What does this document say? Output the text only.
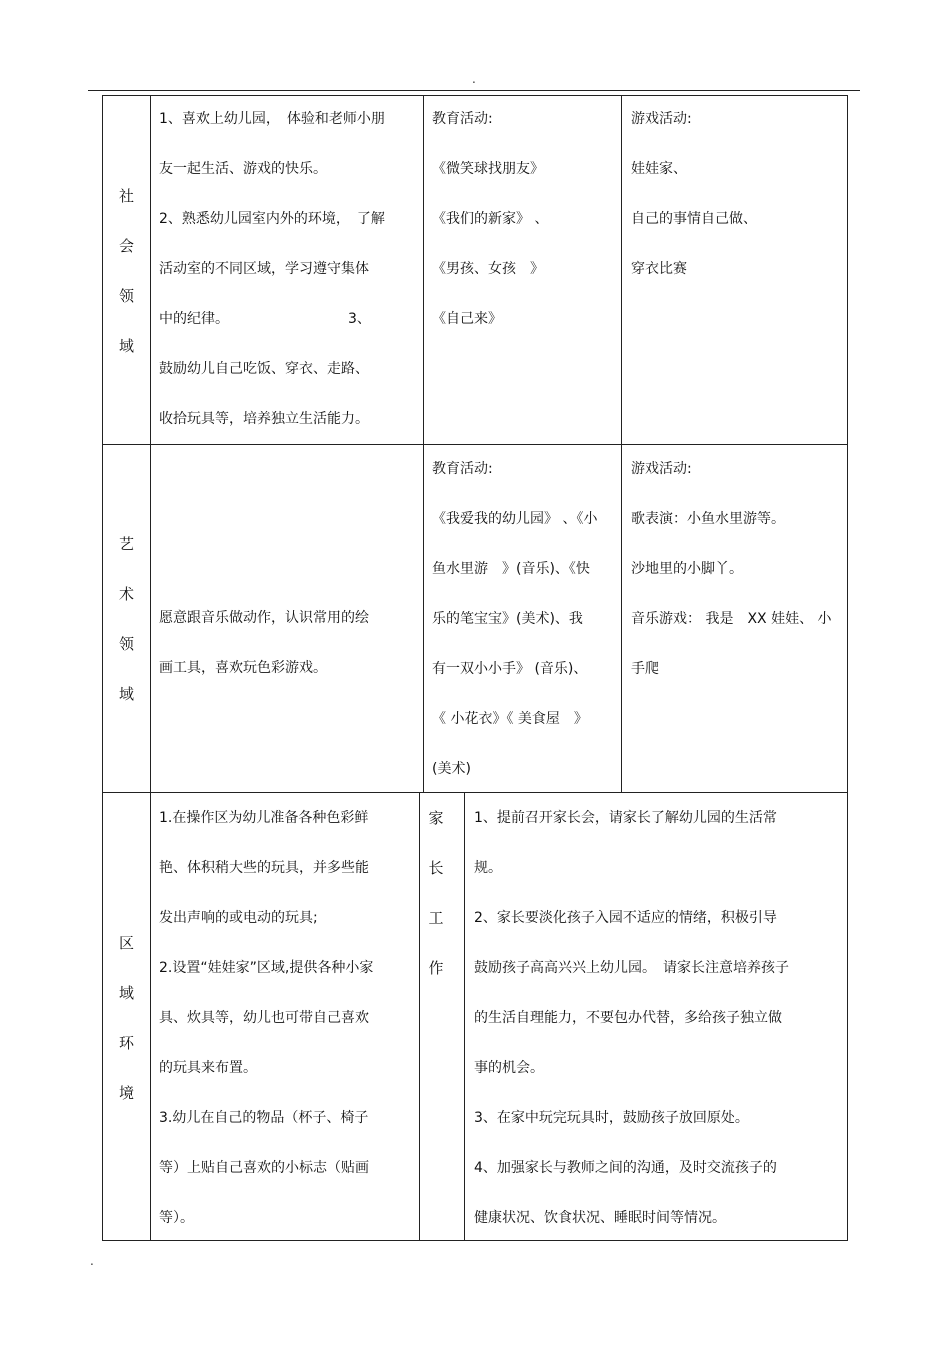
.
.
社
会
领
域
1、喜欢上幼儿园，　体验和老师小朋
友一起生活、游戏的快乐。
2、熟悉幼儿园室内外的环境，　了解
活动室的不同区域，学习遵守集体
中的纪律。　　　　　　　　　3、
鼓励幼儿自己吃饭、穿衣、走路、
收拾玩具等，培养独立生活能力。
教育活动:
《微笑球找朋友》
《我们的新家》 、
《男孩、女孩　》
《自己来》
游戏活动:
娃娃家、
自己的事情自己做、
穿衣比赛
艺
术
领
域
愿意跟音乐做动作，认识常用的绘
画工具，喜欢玩色彩游戏。
教育活动:
《我爱我的幼儿园》 、《小
鱼水里游　》(音乐)、《快
乐的笔宝宝》(美术)、我
有一双小小手》 (音乐)、
《 小花衣》《 美食屋　》
(美术)
游戏活动:
歌表演：小鱼水里游等。
沙地里的小脚丫。
音乐游戏： 我是　XX 娃娃、 小
手爬
区
域
环
境
1.在操作区为幼儿准备各种色彩鲜
艳、体积稍大些的玩具，并多些能
发出声响的或电动的玩具;
2.设置“娃娃家”区域,提供各种小家
具、炊具等，幼儿也可带自己喜欢
的玩具来布置。
3.幼儿在自己的物品（杯子、椅子
等）上贴自己喜欢的小标志（贴画
等）。
家
长
工
作
1、提前召开家长会，请家长了解幼儿园的生活常
规。
2、家长要淡化孩子入园不适应的情绪，积极引导
鼓励孩子高高兴兴上幼儿园。　请家长注意培养孩子
的生活自理能力，不要包办代替，多给孩子独立做
事的机会。
3、在家中玩完玩具时，鼓励孩子放回原处。
4、加强家长与教师之间的沟通，及时交流孩子的
健康状况、饮食状况、睡眠时间等情况。
